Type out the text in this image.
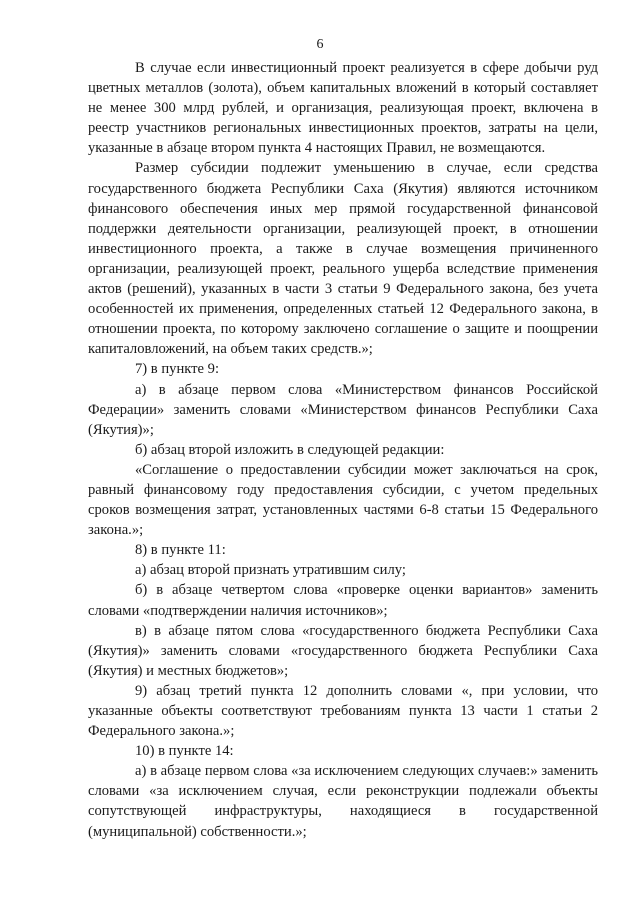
6

В случае если инвестиционный проект реализуется в сфере добычи руд цветных металлов (золота), объем капитальных вложений в который составляет не менее 300 млрд рублей, и организация, реализующая проект, включена в реестр участников региональных инвестиционных проектов, затраты на цели, указанные в абзаце втором пункта 4 настоящих Правил, не возмещаются.

Размер субсидии подлежит уменьшению в случае, если средства государственного бюджета Республики Саха (Якутия) являются источником финансового обеспечения иных мер прямой государственной финансовой поддержки деятельности организации, реализующей проект, в отношении инвестиционного проекта, а также в случае возмещения причиненного организации, реализующей проект, реального ущерба вследствие применения актов (решений), указанных в части 3 статьи 9 Федерального закона, без учета особенностей их применения, определенных статьей 12 Федерального закона, в отношении проекта, по которому заключено соглашение о защите и поощрении капиталовложений, на объем таких средств.»;

7) в пункте 9:

а) в абзаце первом слова «Министерством финансов Российской Федерации» заменить словами «Министерством финансов Республики Саха (Якутия)»;

б) абзац второй изложить в следующей редакции:

«Соглашение о предоставлении субсидии может заключаться на срок, равный финансовому году предоставления субсидии, с учетом предельных сроков возмещения затрат, установленных частями 6-8 статьи 15 Федерального закона.»;

8) в пункте 11:

а) абзац второй признать утратившим силу;

б) в абзаце четвертом слова «проверке оценки вариантов» заменить словами «подтверждении наличия источников»;

в) в абзаце пятом слова «государственного бюджета Республики Саха (Якутия)» заменить словами «государственного бюджета Республики Саха (Якутия) и местных бюджетов»;

9) абзац третий пункта 12 дополнить словами «, при условии, что указанные объекты соответствуют требованиям пункта 13 части 1 статьи 2 Федерального закона.»;

10) в пункте 14:

а) в абзаце первом слова «за исключением следующих случаев:» заменить словами «за исключением случая, если реконструкции подлежали объекты сопутствующей инфраструктуры, находящиеся в государственной (муниципальной) собственности.»;
